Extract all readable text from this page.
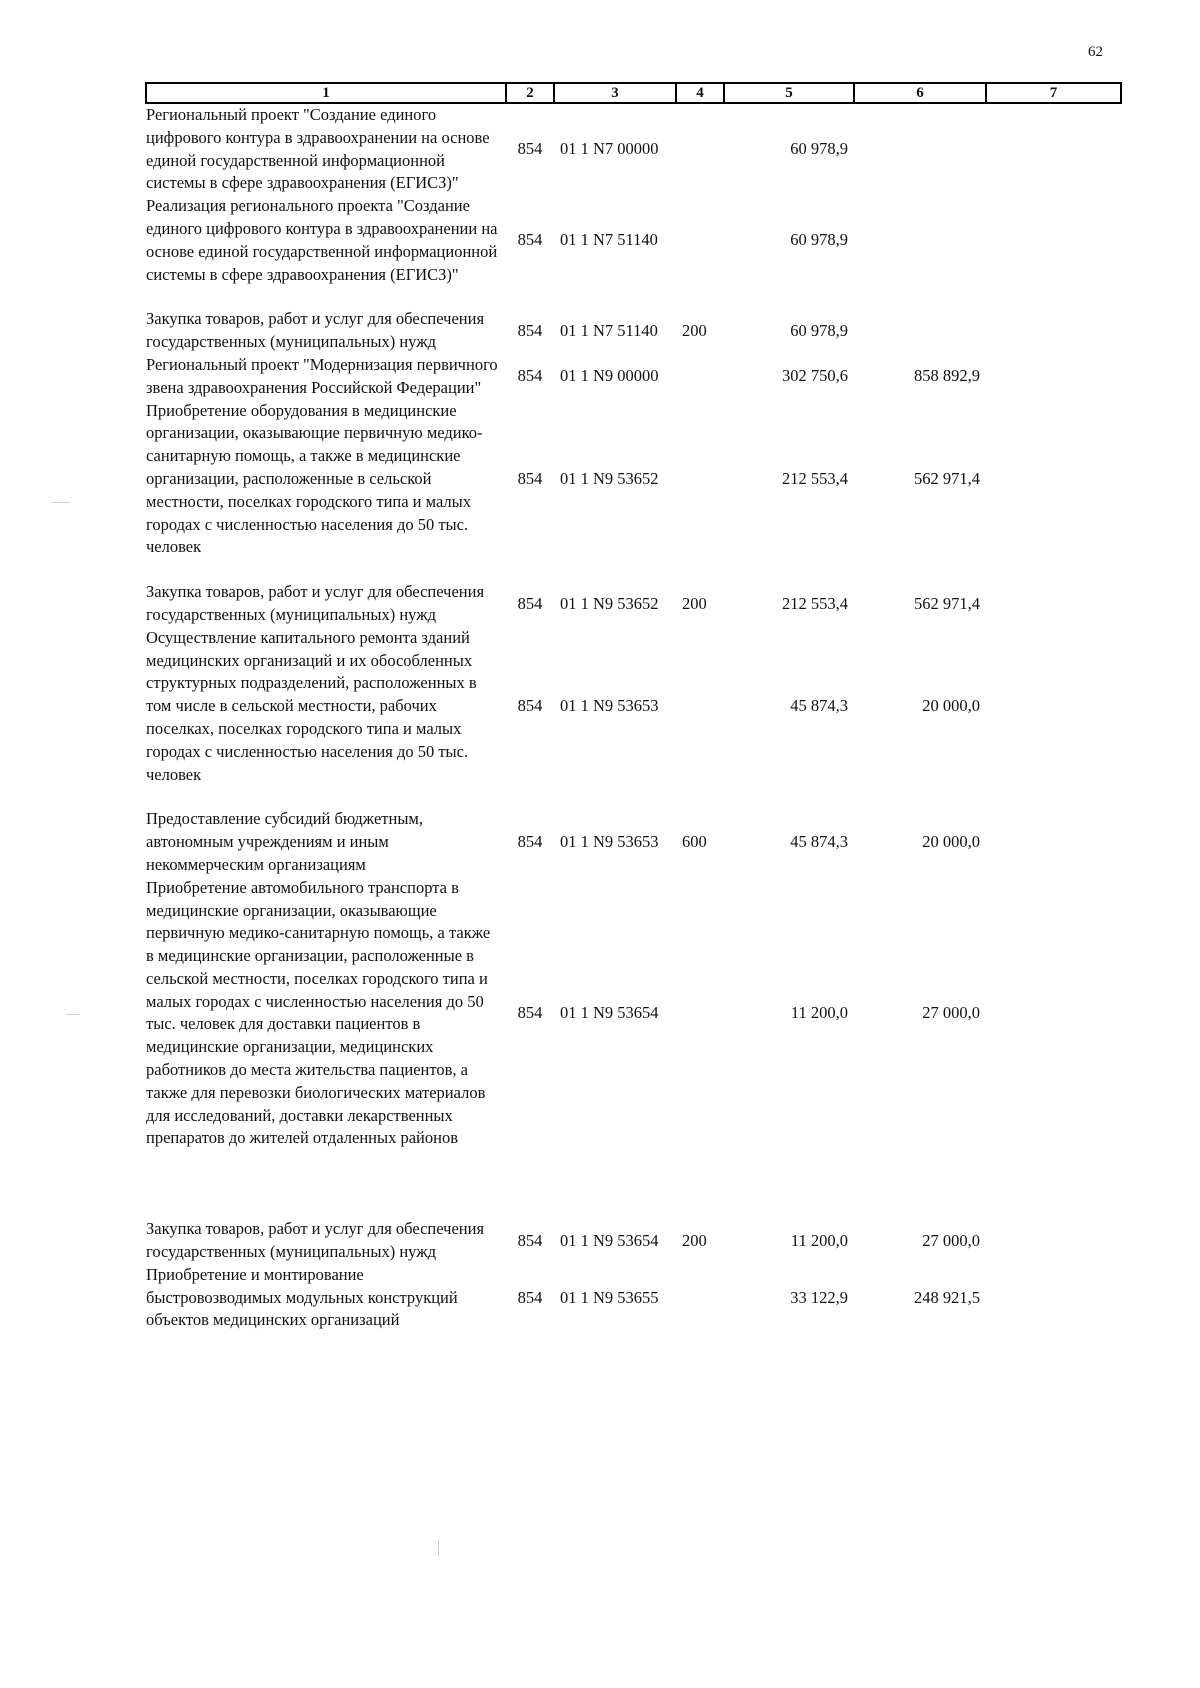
62
1	2	3	4	5	6	7
Региональный проект "Создание единого цифрового контура в здравоохранении на основе единой государственной информационной системы в сфере здравоохранения (ЕГИСЗ)"	854	01 1 N7 00000		60 978,9		
Реализация регионального проекта "Создание единого цифрового контура в здравоохранении на основе единой государственной информационной системы в сфере здравоохранения (ЕГИСЗ)"	854	01 1 N7 51140		60 978,9		

Закупка товаров, работ и услуг для обеспечения государственных (муниципальных) нужд	854	01 1 N7 51140	200	60 978,9		
Региональный проект "Модернизация первичного звена здравоохранения Российской Федерации"	854	01 1 N9 00000		302 750,6	858 892,9	
Приобретение оборудования в медицинские организации, оказывающие первичную медико-санитарную помощь, а также в медицинские организации, расположенные в сельской местности, поселках городского типа и малых городах с численностью населения до 50 тыс. человек	854	01 1 N9 53652		212 553,4	562 971,4	

Закупка товаров, работ и услуг для обеспечения государственных (муниципальных) нужд	854	01 1 N9 53652	200	212 553,4	562 971,4	
Осуществление капитального ремонта зданий медицинских организаций и их обособленных структурных подразделений, расположенных в том числе в сельской местности, рабочих поселках, поселках городского типа и малых городах с численностью населения до 50 тыс. человек	854	01 1 N9 53653		45 874,3	20 000,0	

Предоставление субсидий бюджетным, автономным учреждениям и иным некоммерческим организациям	854	01 1 N9 53653	600	45 874,3	20 000,0	
Приобретение автомобильного транспорта в медицинские организации, оказывающие первичную медико-санитарную помощь, а также в медицинские организации, расположенные в сельской местности, поселках городского типа и малых городах с численностью населения до 50 тыс. человек для доставки пациентов в медицинские организации, медицинских работников до места жительства пациентов, а также для перевозки биологических материалов для исследований, доставки лекарственных препаратов до жителей отдаленных районов	854	01 1 N9 53654		11 200,0	27 000,0	

Закупка товаров, работ и услуг для обеспечения государственных (муниципальных) нужд	854	01 1 N9 53654	200	11 200,0	27 000,0	
Приобретение и монтирование быстровозводимых модульных конструкций объектов медицинских организаций	854	01 1 N9 53655		33 122,9	248 921,5	
